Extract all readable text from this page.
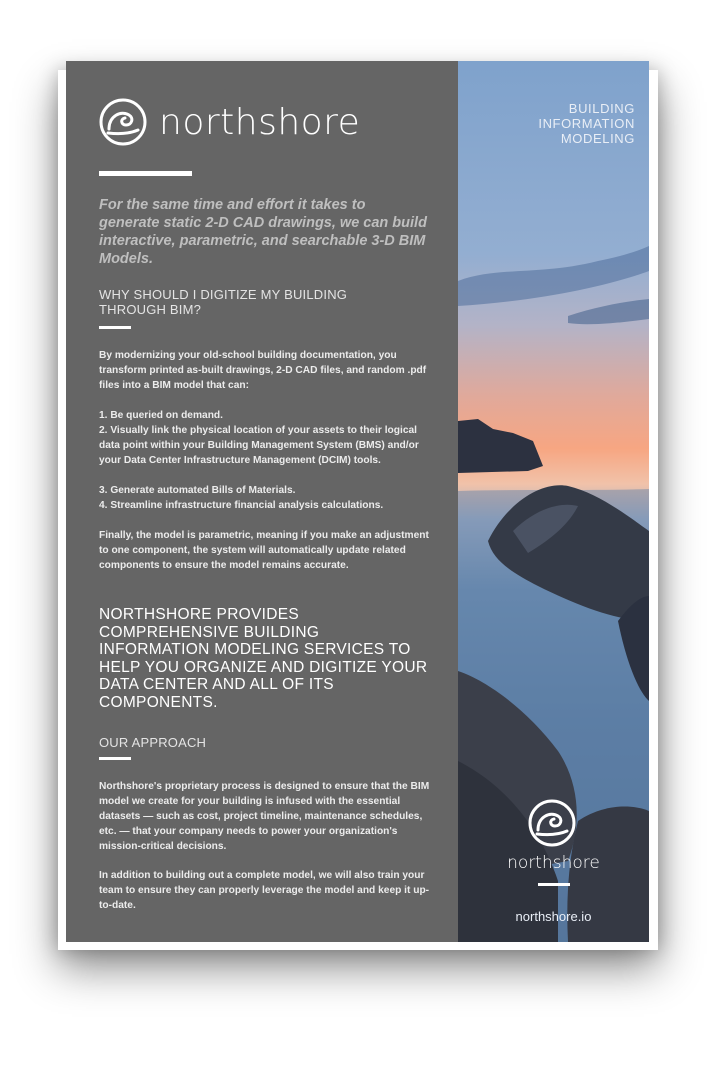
northshore
For the same time and effort it takes to generate static 2-D CAD drawings, we can build interactive, parametric, and searchable 3-D BIM Models.
WHY SHOULD I DIGITIZE MY BUILDING THROUGH BIM?
By modernizing your old-school building documentation, you transform printed as-built drawings, 2-D CAD files, and random .pdf files into a BIM model that can:
1. Be queried on demand.
2. Visually link the physical location of your assets to their logical data point within your Building Management System (BMS) and/or your Data Center Infrastructure Management (DCIM) tools.
3. Generate automated Bills of Materials.
4. Streamline infrastructure financial analysis calculations.
Finally, the model is parametric, meaning if you make an adjustment to one component, the system will automatically update related components to ensure the model remains accurate.
NORTHSHORE PROVIDES COMPREHENSIVE BUILDING INFORMATION MODELING SERVICES TO HELP YOU ORGANIZE AND DIGITIZE YOUR DATA CENTER AND ALL OF ITS COMPONENTS.
OUR APPROACH
Northshore's proprietary process is designed to ensure that the BIM model we create for your building is infused with the essential datasets — such as cost, project timeline, maintenance schedules, etc. — that your company needs to power your organization's mission-critical decisions.
In addition to building out a complete model, we will also train your team to ensure they can properly leverage the model and keep it up-to-date.
BUILDING
INFORMATION
MODELING
northshore
northshore.io
